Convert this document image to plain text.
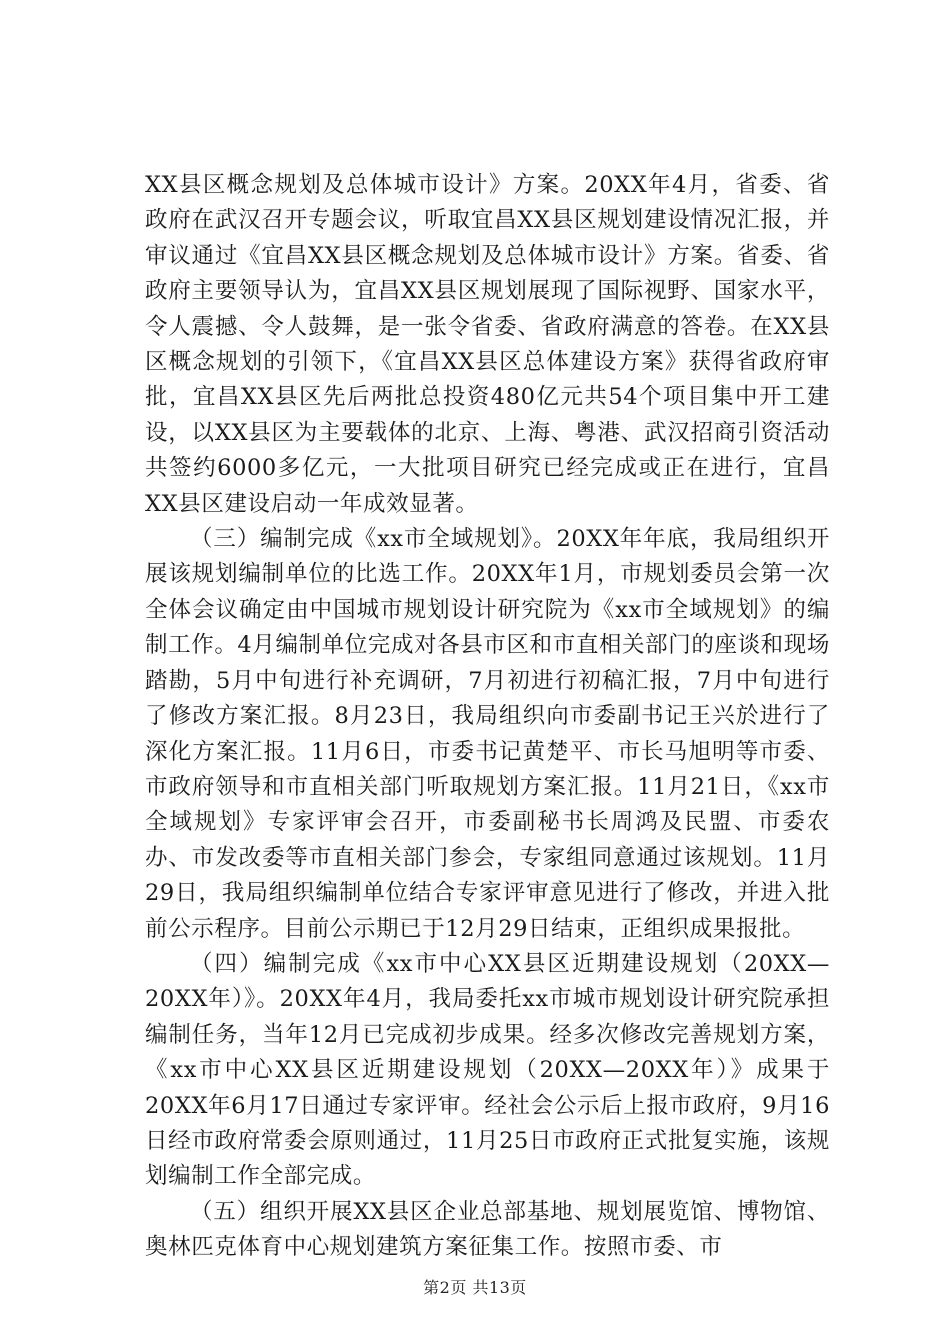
XX县区概念规划及总体城市设计》方案。20XX年4月，省委、省政府在武汉召开专题会议，听取宜昌XX县区规划建设情况汇报，并审议通过《宜昌XX县区概念规划及总体城市设计》方案。省委、省政府主要领导认为，宜昌XX县区规划展现了国际视野、国家水平，令人震撼、令人鼓舞，是一张令省委、省政府满意的答卷。在XX县区概念规划的引领下，《宜昌XX县区总体建设方案》获得省政府审批，宜昌XX县区先后两批总投资480亿元共54个项目集中开工建设，以XX县区为主要载体的北京、上海、粤港、武汉招商引资活动共签约6000多亿元，一大批项目研究已经完成或正在进行，宜昌XX县区建设启动一年成效显著。

（三）编制完成《xx市全域规划》。20XX年年底，我局组织开展该规划编制单位的比选工作。20XX年1月，市规划委员会第一次全体会议确定由中国城市规划设计研究院为《xx市全域规划》的编制工作。4月编制单位完成对各县市区和市直相关部门的座谈和现场踏勘，5月中旬进行补充调研，7月初进行初稿汇报，7月中旬进行了修改方案汇报。8月23日，我局组织向市委副书记王兴於进行了深化方案汇报。11月6日，市委书记黄楚平、市长马旭明等市委、市政府领导和市直相关部门听取规划方案汇报。11月21日，《xx市全域规划》专家评审会召开，市委副秘书长周鸿及民盟、市委农办、市发改委等市直相关部门参会，专家组同意通过该规划。11月29日，我局组织编制单位结合专家评审意见进行了修改，并进入批前公示程序。目前公示期已于12月29日结束，正组织成果报批。

（四）编制完成《xx市中心XX县区近期建设规划（20XX—20XX年）》。20XX年4月，我局委托xx市城市规划设计研究院承担编制任务，当年12月已完成初步成果。经多次修改完善规划方案，《xx市中心XX县区近期建设规划（20XX—20XX年）》成果于20XX年6月17日通过专家评审。经社会公示后上报市政府，9月16日经市政府常委会原则通过，11月25日市政府正式批复实施，该规划编制工作全部完成。

（五）组织开展XX县区企业总部基地、规划展览馆、博物馆、奥林匹克体育中心规划建筑方案征集工作。按照市委、市

第2页 共13页
